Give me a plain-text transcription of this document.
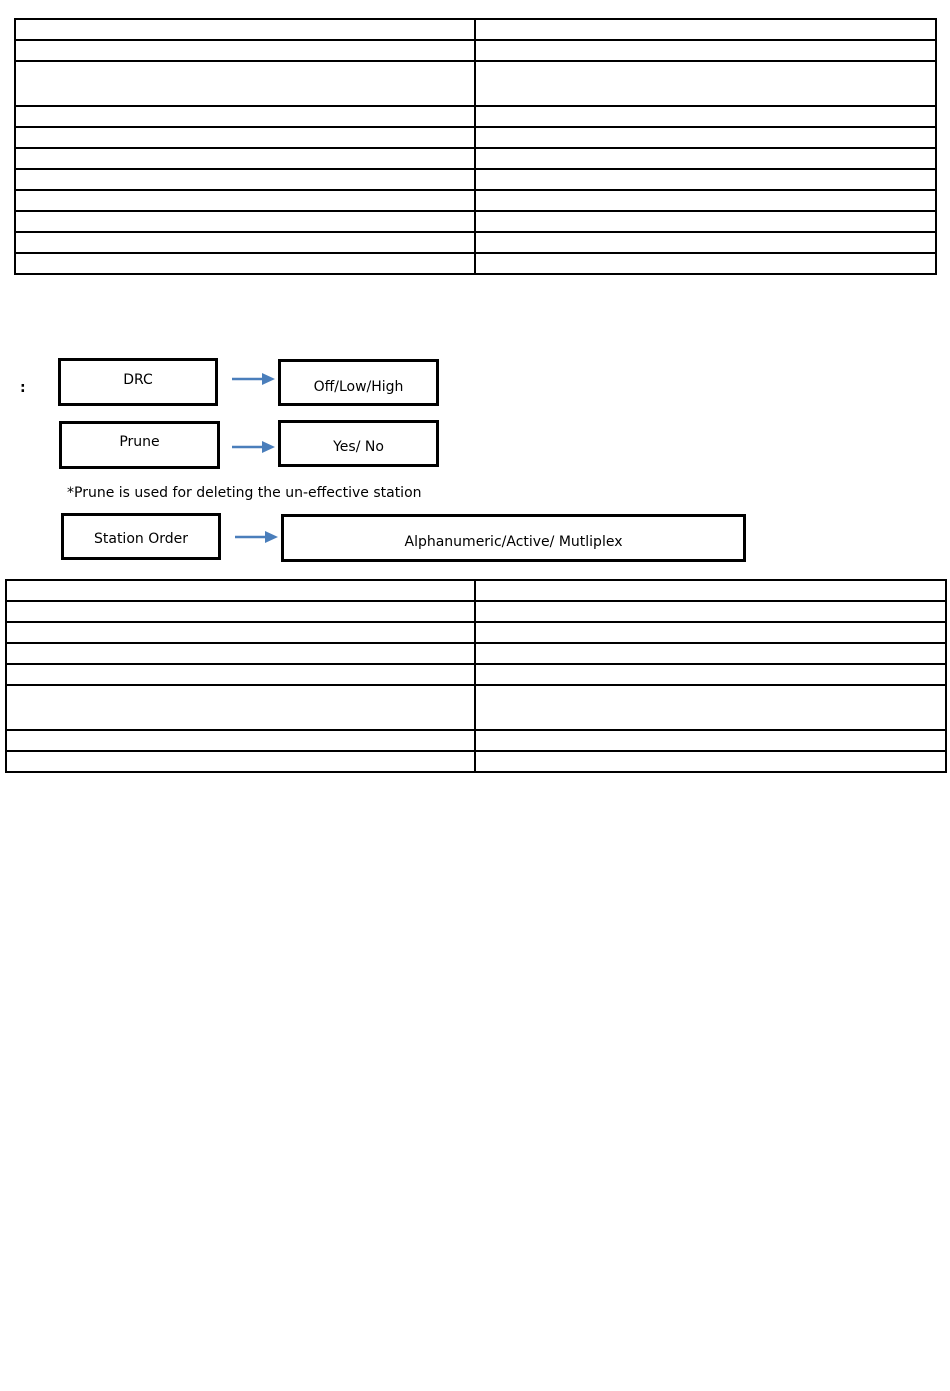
:	DRC	Off/Low/High
Prune	Yes/ No
*Prune is used for deleting the un-effective station
Station Order	Alphanumeric/Active/ Mutliplex
